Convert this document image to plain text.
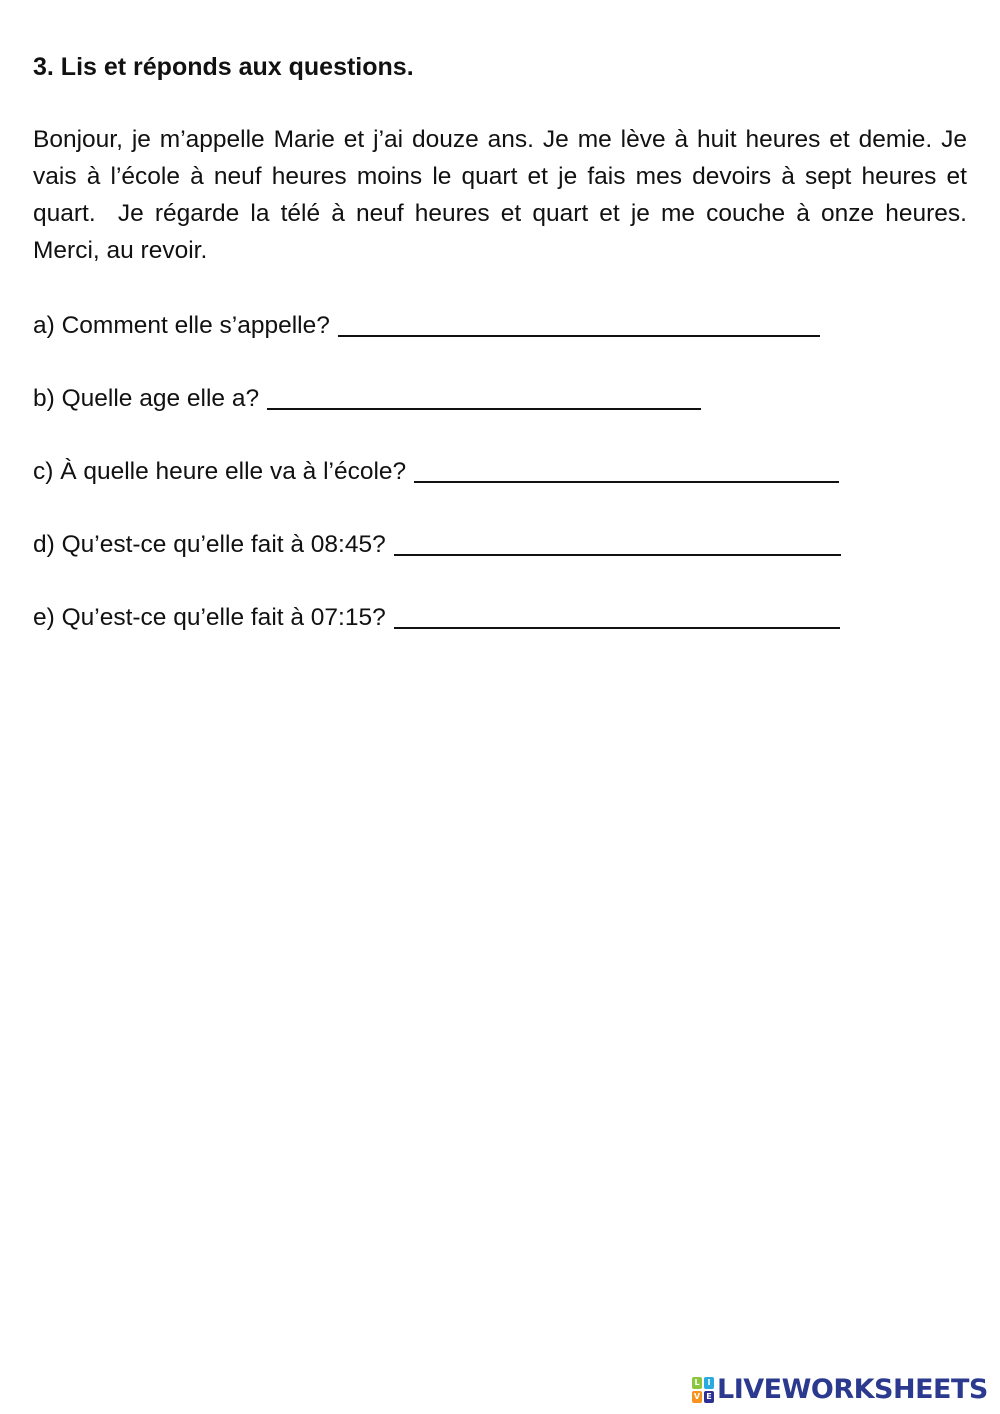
3. Lis et réponds aux questions.
Bonjour, je m’appelle Marie et j’ai douze ans. Je me lève à huit heures et demie. Je vais à l’école à neuf heures moins le quart et je fais mes devoirs à sept heures et quart.  Je régarde la télé à neuf heures et quart et je me couche à onze heures. Merci, au revoir.
a) Comment elle s’appelle?
b) Quelle age elle a?
c) À quelle heure elle va à l’école?
d) Qu’est-ce qu’elle fait à 08:45?
e) Qu’est-ce qu’elle fait à 07:15?
L I
V E LIVEWORKSHEETS
